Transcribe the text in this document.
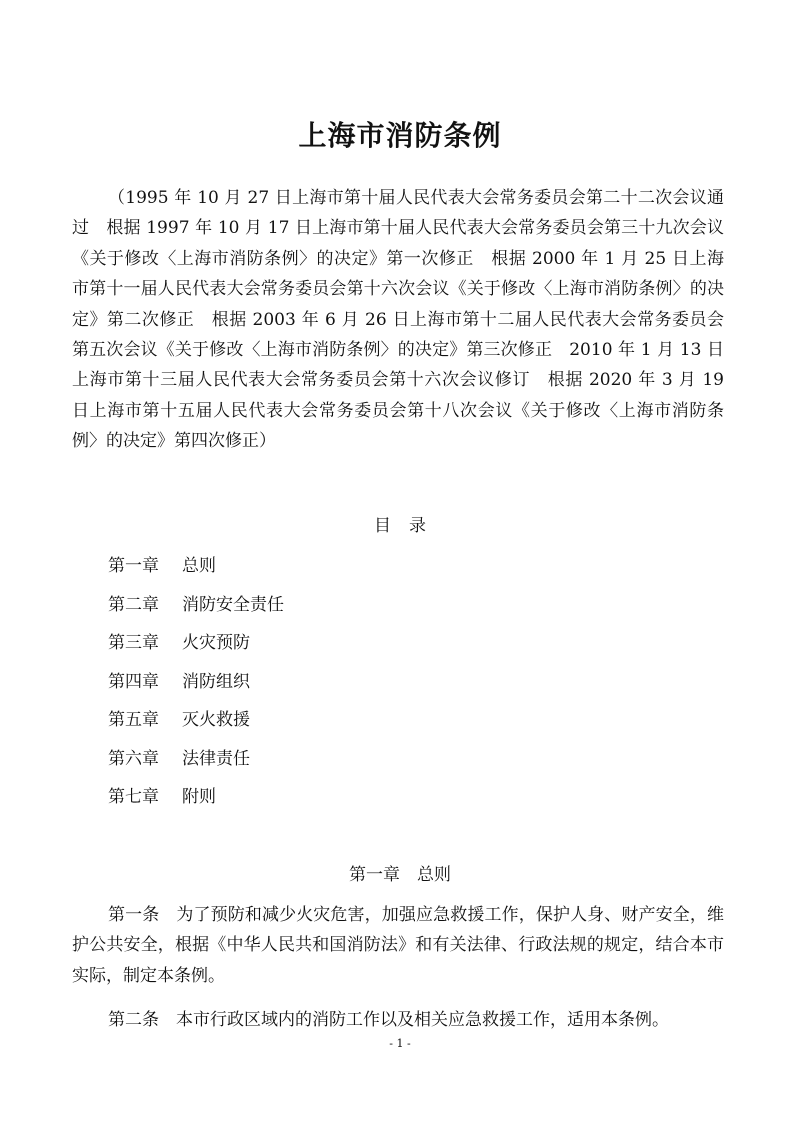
上海市消防条例
（1995 年 10 月 27 日上海市第十届人民代表大会常务委员会第二十二次会议通过　根据 1997 年 10 月 17 日上海市第十届人民代表大会常务委员会第三十九次会议《关于修改〈上海市消防条例〉的决定》第一次修正　根据 2000 年 1 月 25 日上海市第十一届人民代表大会常务委员会第十六次会议《关于修改〈上海市消防条例〉的决定》第二次修正　根据 2003 年 6 月 26 日上海市第十二届人民代表大会常务委员会第五次会议《关于修改〈上海市消防条例〉的决定》第三次修正　2010 年 1 月 13 日上海市第十三届人民代表大会常务委员会第十六次会议修订　根据 2020 年 3 月 19 日上海市第十五届人民代表大会常务委员会第十八次会议《关于修改〈上海市消防条例〉的决定》第四次修正）
目录
第一章 总则
第二章 消防安全责任
第三章 火灾预防
第四章 消防组织
第五章 灭火救援
第六章 法律责任
第七章 附则
第一章 总则

第一条 为了预防和减少火灾危害，加强应急救援工作，保护人身、财产安全，维护公共安全，根据《中华人民共和国消防法》和有关法律、行政法规的规定，结合本市实际，制定本条例。

第二条 本市行政区域内的消防工作以及相关应急救援工作，适用本条例。

- 1 -
